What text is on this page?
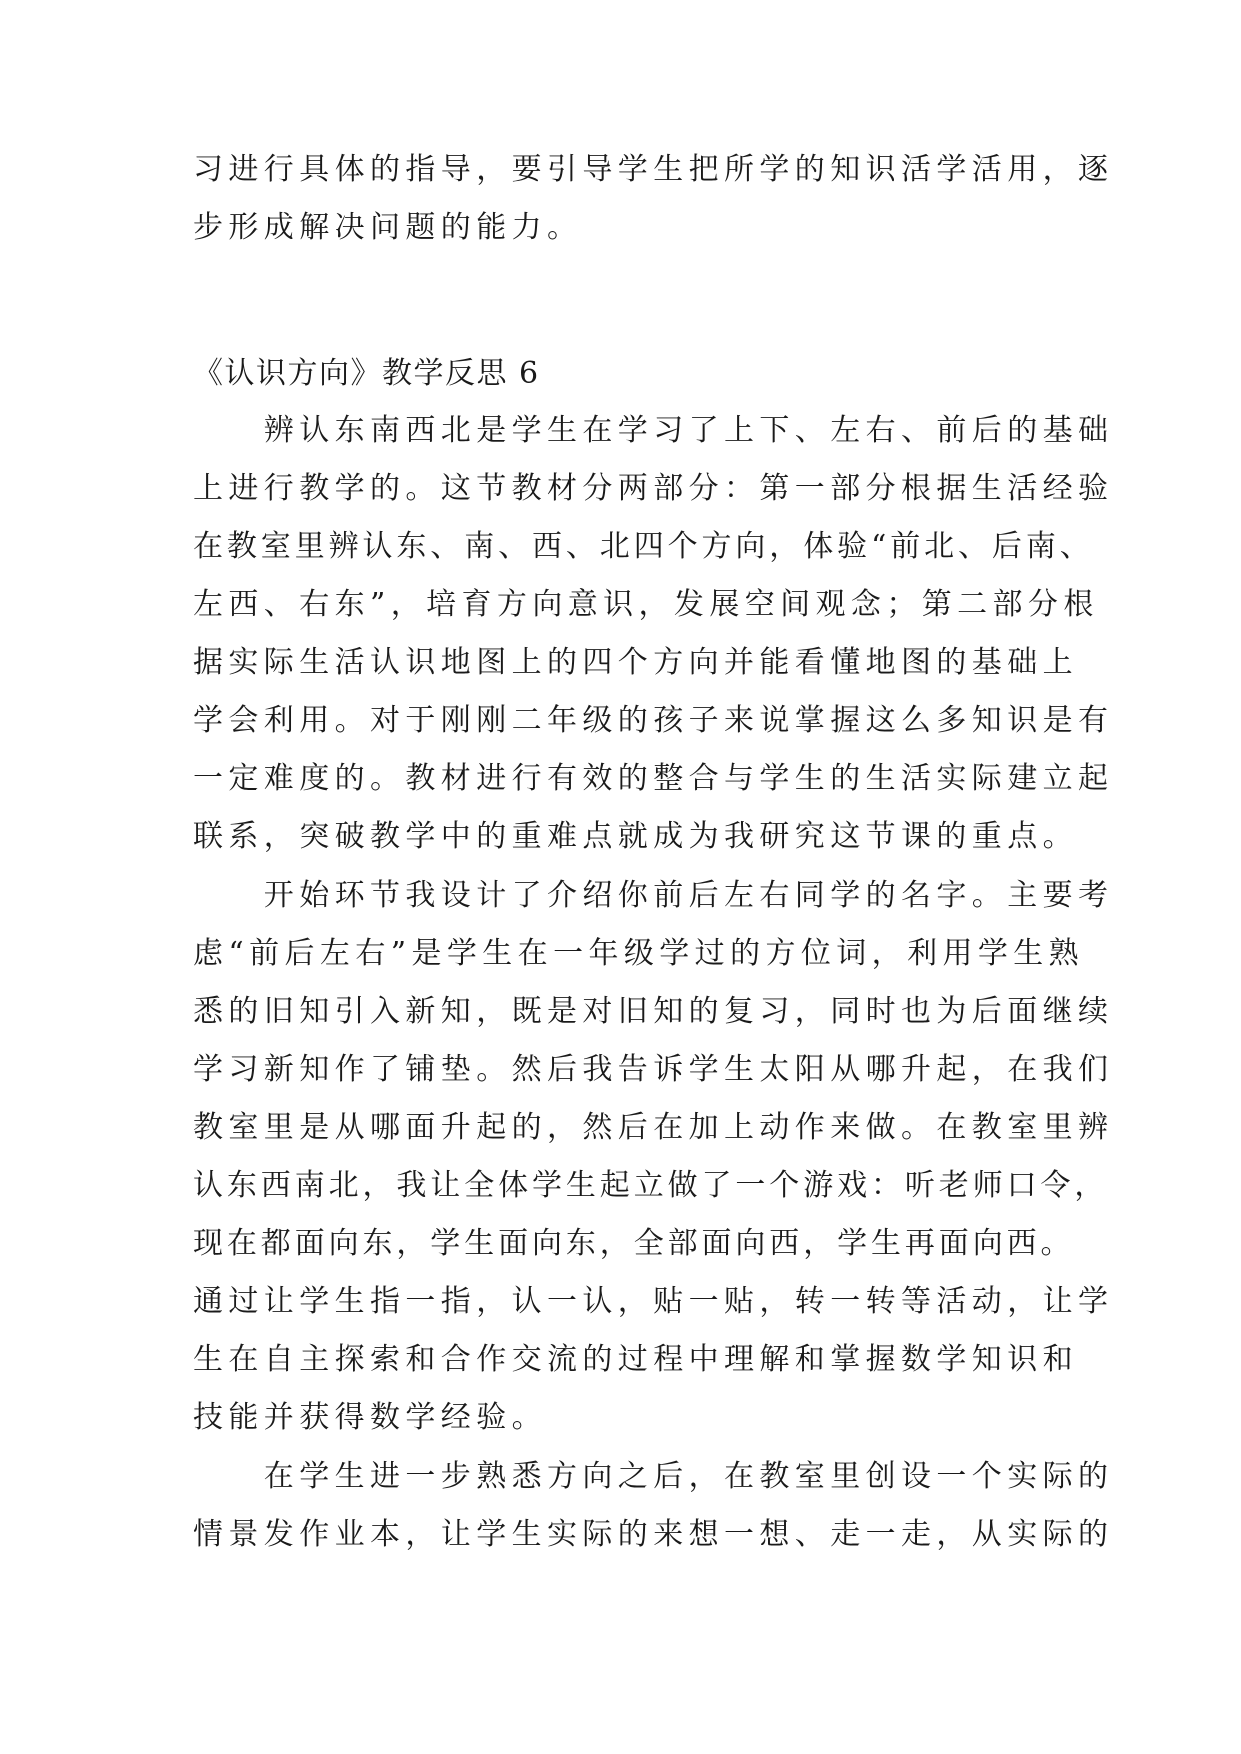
习进行具体的指导，要引导学生把所学的知识活学活用，逐
步形成解决问题的能力。
《认识方向》教学反思 6
　　辨认东南西北是学生在学习了上下、左右、前后的基础
上进行教学的。这节教材分两部分：第一部分根据生活经验
在教室里辨认东、南、西、北四个方向，体验“前北、后南、
左西、右东”，培育方向意识，发展空间观念；第二部分根
据实际生活认识地图上的四个方向并能看懂地图的基础上
学会利用。对于刚刚二年级的孩子来说掌握这么多知识是有
一定难度的。教材进行有效的整合与学生的生活实际建立起
联系，突破教学中的重难点就成为我研究这节课的重点。
　　开始环节我设计了介绍你前后左右同学的名字。主要考
虑“前后左右”是学生在一年级学过的方位词，利用学生熟
悉的旧知引入新知，既是对旧知的复习，同时也为后面继续
学习新知作了铺垫。然后我告诉学生太阳从哪升起，在我们
教室里是从哪面升起的，然后在加上动作来做。在教室里辨
认东西南北，我让全体学生起立做了一个游戏：听老师口令，
现在都面向东，学生面向东，全部面向西，学生再面向西。
通过让学生指一指，认一认，贴一贴，转一转等活动，让学
生在自主探索和合作交流的过程中理解和掌握数学知识和
技能并获得数学经验。
　　在学生进一步熟悉方向之后，在教室里创设一个实际的
情景发作业本，让学生实际的来想一想、走一走，从实际的
